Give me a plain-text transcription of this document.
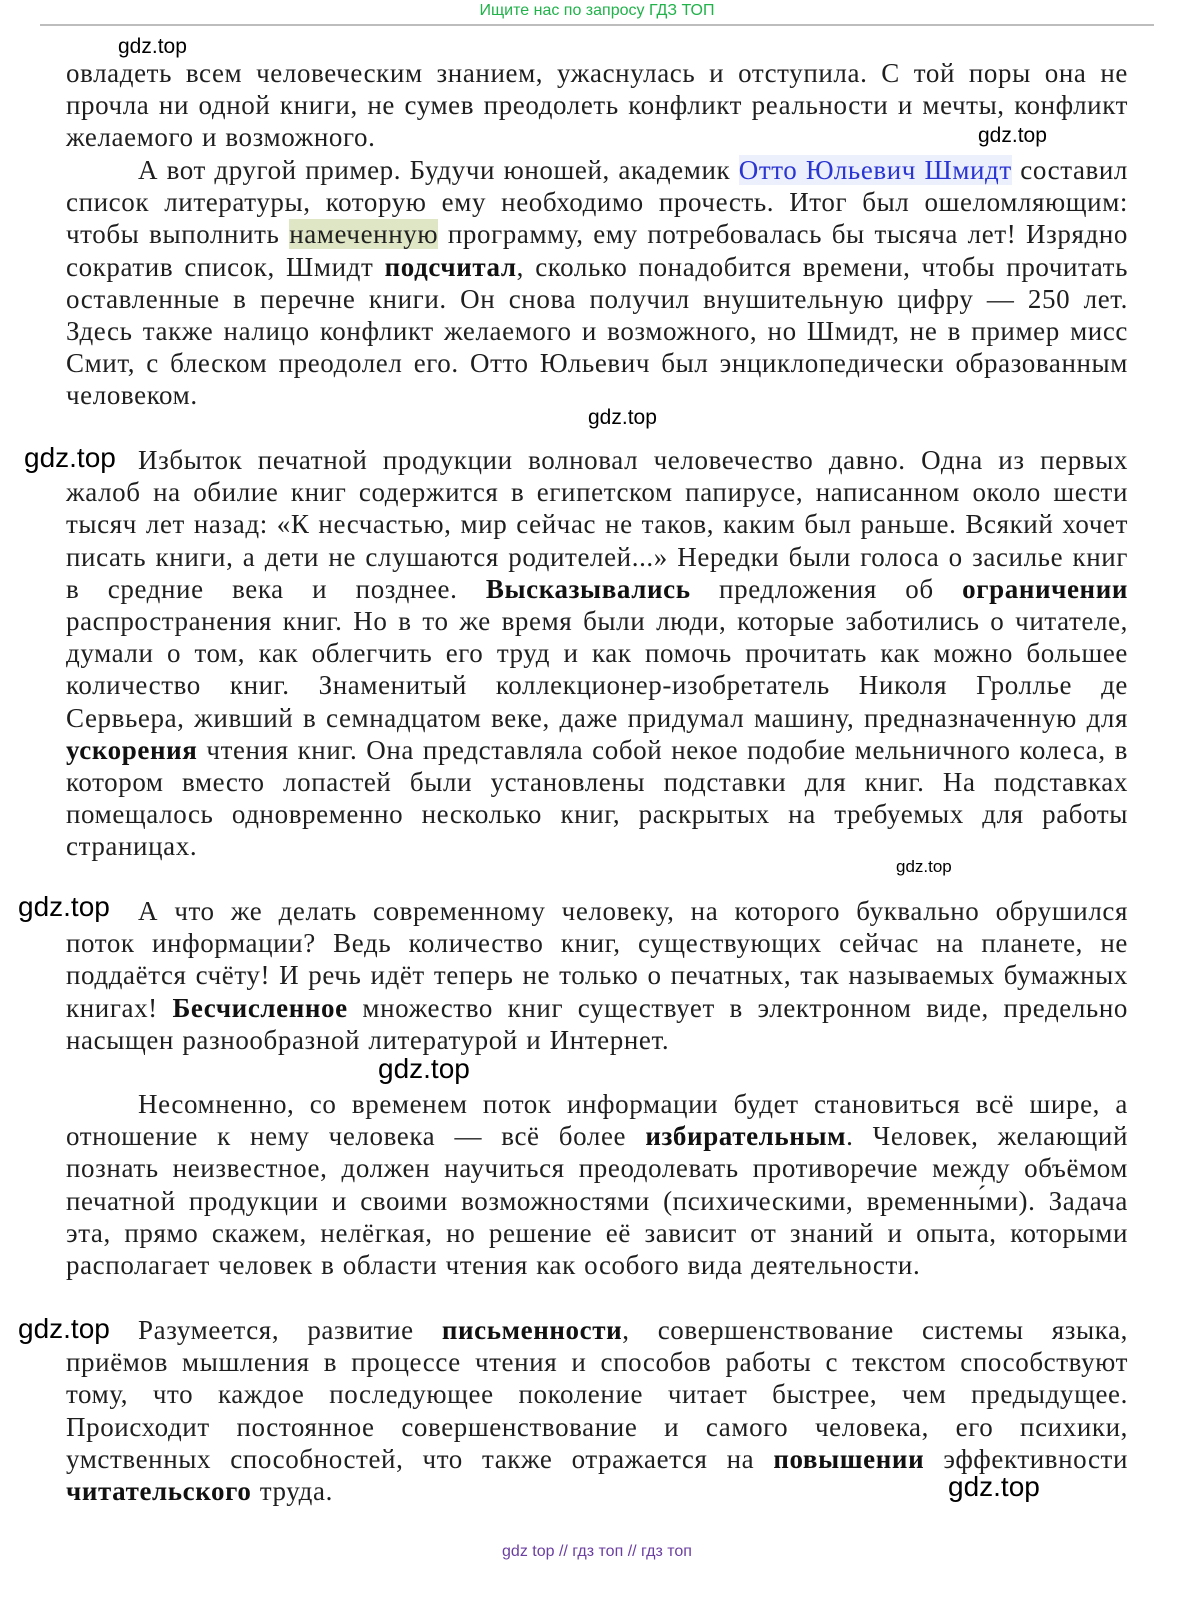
Ищите нас по запросу ГДЗ ТОП
овладеть всем человеческим знанием, ужаснулась и отступила. С той поры она не прочла ни одной книги, не сумев преодолеть конфликт реальности и мечты, конфликт желаемого и возможного.
А вот другой пример. Будучи юношей, академик Отто Юльевич Шмидт составил список литературы, которую ему необходимо прочесть. Итог был ошеломляющим: чтобы выполнить намеченную программу, ему потребовалась бы тысяча лет! Изрядно сократив список, Шмидт подсчитал, сколько понадобится времени, чтобы прочитать оставленные в перечне книги. Он снова получил внушительную цифру — 250 лет. Здесь также налицо конфликт желаемого и возможного, но Шмидт, не в пример мисс Смит, с блеском преодолел его. Отто Юльевич был энциклопедически образованным человеком.
Избыток печатной продукции волновал человечество давно. Одна из первых жалоб на обилие книг содержится в египетском папирусе, написанном около шести тысяч лет назад: «К несчастью, мир сейчас не таков, каким был раньше. Всякий хочет писать книги, а дети не слушаются родителей...» Нередки были голоса о засилье книг в средние века и позднее. Высказывались предложения об ограничении распространения книг. Но в то же время были люди, которые заботились о читателе, думали о том, как облегчить его труд и как помочь прочитать как можно большее количество книг. Знаменитый коллекционер-изобретатель Николя Гроллье де Сервьера, живший в семнадцатом веке, даже придумал машину, предназначенную для ускорения чтения книг. Она представляла собой некое подобие мельничного колеса, в котором вместо лопастей были установлены подставки для книг. На подставках помещалось одновременно несколько книг, раскрытых на требуемых для работы страницах.
А что же делать современному человеку, на которого буквально обрушился поток информации? Ведь количество книг, существующих сейчас на планете, не поддаётся счёту! И речь идёт теперь не только о печатных, так называемых бумажных книгах! Бесчисленное множество книг существует в электронном виде, предельно насыщен разнообразной литературой и Интернет.
Несомненно, со временем поток информации будет становиться всё шире, а отношение к нему человека — всё более избирательным. Человек, желающий познать неизвестное, должен научиться преодолевать противоречие между объёмом печатной продукции и своими возможностями (психическими, временны́ми). Задача эта, прямо скажем, нелёгкая, но решение её зависит от знаний и опыта, которыми располагает человек в области чтения как особого вида деятельности.
Разумеется, развитие письменности, совершенствование системы языка, приёмов мышления в процессе чтения и способов работы с текстом способствуют тому, что каждое последующее поколение читает быстрее, чем предыдущее. Происходит постоянное совершенствование и самого человека, его психики, умственных способностей, что также отражается на повышении эффективности читательского труда.
gdz.top
gdz.top
gdz.top
gdz.top
gdz.top
gdz.top
gdz.top
gdz.top
gdz.top
gdz top // гдз топ // гдз топ
